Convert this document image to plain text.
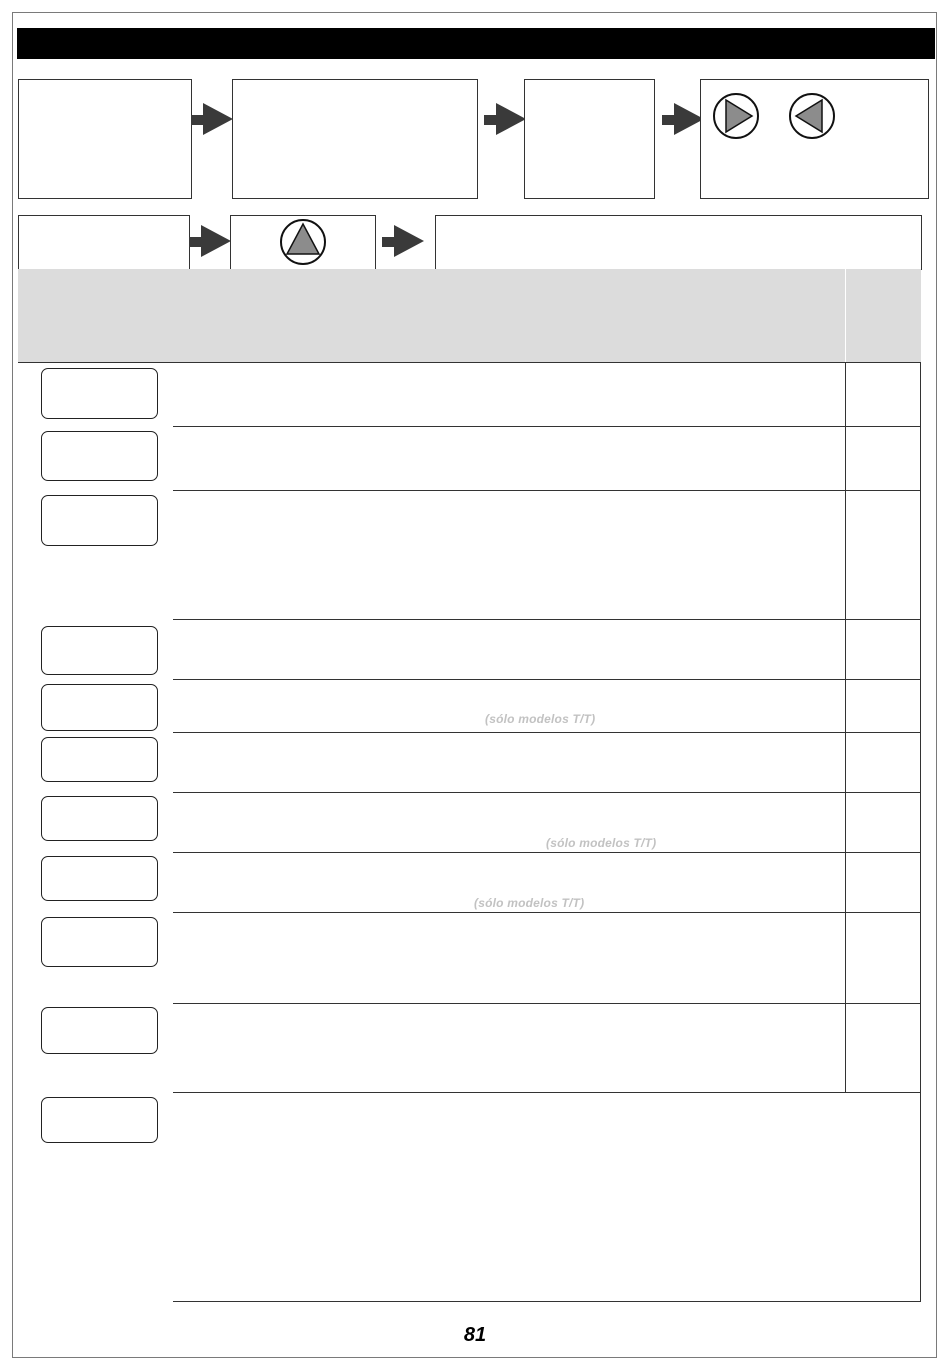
(sólo modelos T/T)
(sólo modelos T/T)
(sólo modelos T/T)
81
